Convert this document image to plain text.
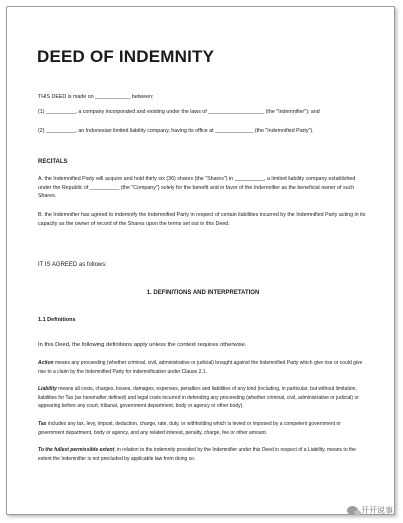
DEED OF INDEMNITY

THIS DEED is made on ____________ between:

(1) __________, a company incorporated and existing under the laws of ___________________ (the "Indemnifier"); and

(2) __________, an Indonesian limited liability company, having its office at _____________ (the "Indemnified Party").

RECITALS

A. the Indemnified Party will acquire and hold thirty six (36) shares (the "Shares") in __________, a limited liability company established under the Republic of __________ (the "Company") solely for the benefit and in favor of the Indemnifier as the beneficial owner of such Shares.

B. the Indemnifier has agreed to indemnify the Indemnified Party in respect of certain liabilities incurred by the Indemnified Party acting in its capacity as the owner of record of the Shares upon the terms set out in this Deed.

IT IS AGREED as follows:

1. DEFINITIONS AND INTERPRETATION

1.1 Definitions

In this Deed, the following definitions apply unless the context requires otherwise.

Action means any proceeding (whether criminal, civil, administrative or judicial) brought against the Indemnified Party which give rise or could give rise to a claim by the Indemnified Party for indemnification under Clause 2.1.

Liability means all costs, charges, losses, damages, expenses, penalties and liabilities of any kind (including, in particular, but without limitation, liabilities for Tax (as hereinafter defined) and legal costs incurred in defending any proceeding (whether criminal, civil, administrative or judicial) or appearing before any court, tribunal, government department, body or agency or other body).

Tax includes any tax, levy, impost, deduction, charge, rate, duty, or withholding which is levied or imposed by a competent government or government department, body or agency, and any related interest, penalty, charge, fee or other amount.

To the fullest permissible extent, in relation to the indemnity provided by the Indemnifier under this Deed in respect of a Liability, means to the extent the Indemnifier is not precluded by applicable law from doing so.

开开说事
